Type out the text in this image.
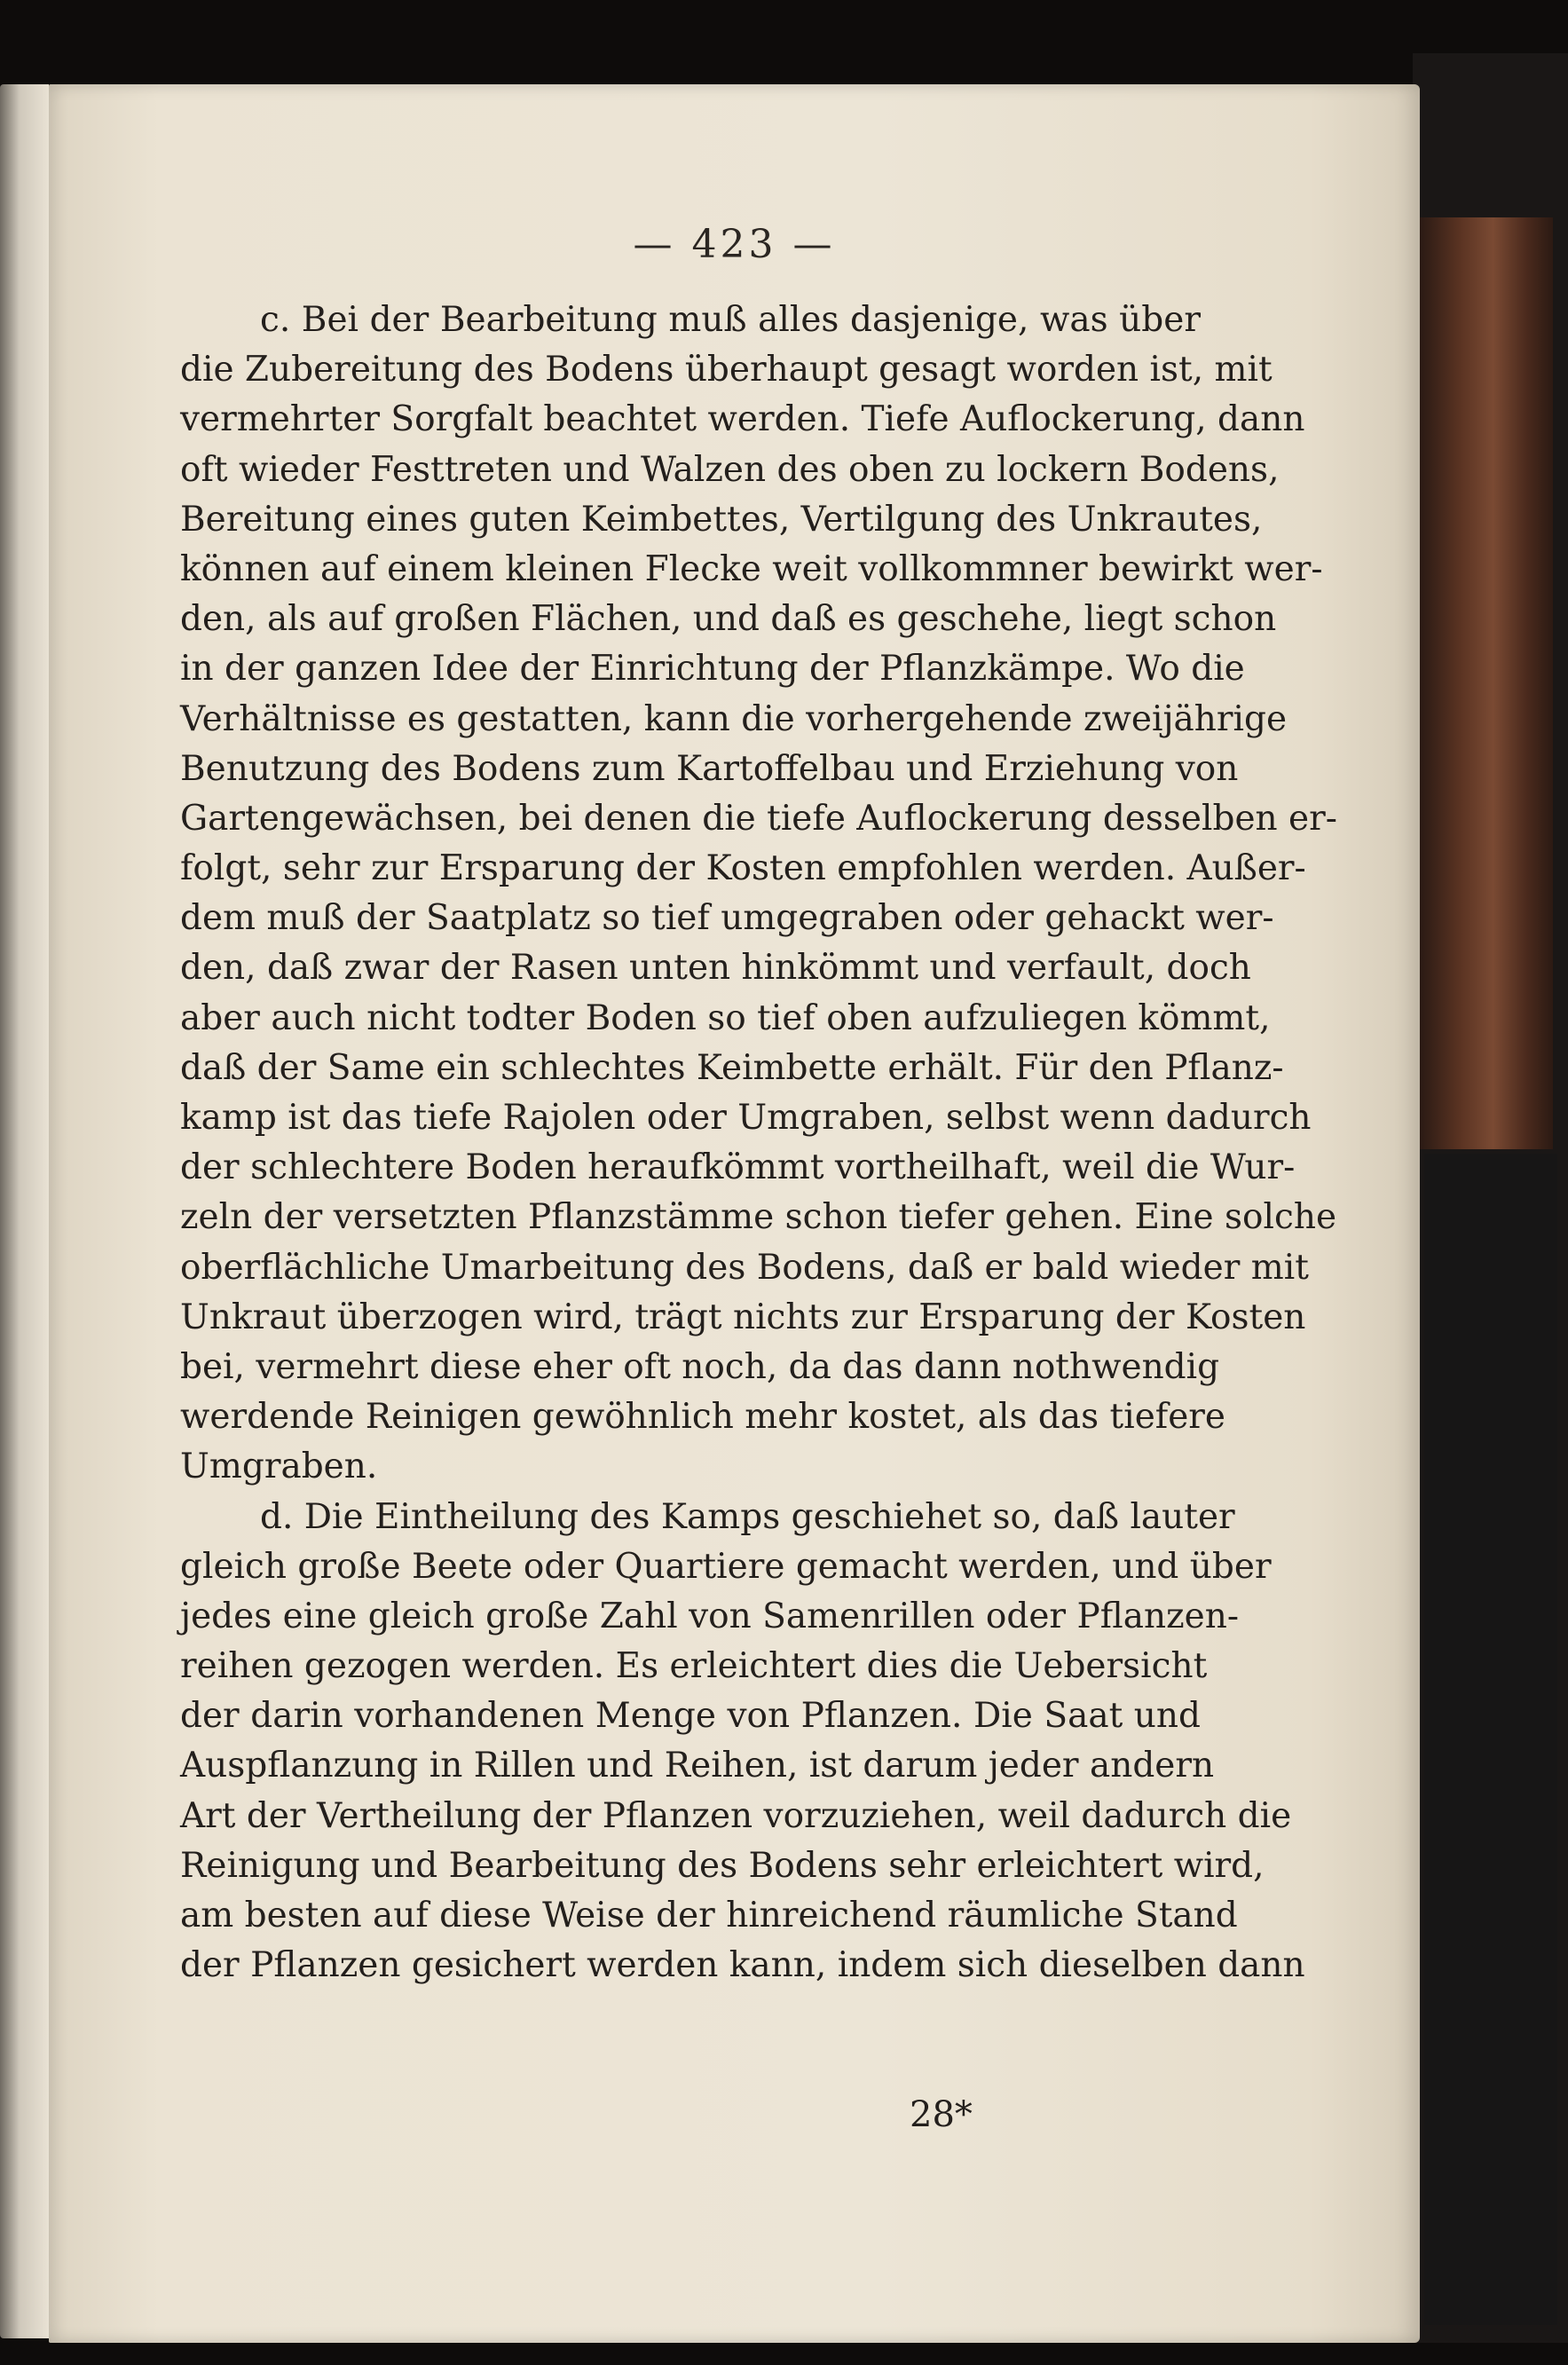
— 423 —
c. Bei der Bearbeitung muß alles dasjenige, was über
die Zubereitung des Bodens überhaupt gesagt worden ist, mit
vermehrter Sorgfalt beachtet werden. Tiefe Auflockerung, dann
oft wieder Festtreten und Walzen des oben zu lockern Bodens,
Bereitung eines guten Keimbettes, Vertilgung des Unkrautes,
können auf einem kleinen Flecke weit vollkommner bewirkt wer-
den, als auf großen Flächen, und daß es geschehe, liegt schon
in der ganzen Idee der Einrichtung der Pflanzkämpe. Wo die
Verhältnisse es gestatten, kann die vorhergehende zweijährige
Benutzung des Bodens zum Kartoffelbau und Erziehung von
Gartengewächsen, bei denen die tiefe Auflockerung desselben er-
folgt, sehr zur Ersparung der Kosten empfohlen werden. Außer-
dem muß der Saatplatz so tief umgegraben oder gehackt wer-
den, daß zwar der Rasen unten hinkömmt und verfault, doch
aber auch nicht todter Boden so tief oben aufzuliegen kömmt,
daß der Same ein schlechtes Keimbette erhält. Für den Pflanz-
kamp ist das tiefe Rajolen oder Umgraben, selbst wenn dadurch
der schlechtere Boden heraufkömmt vortheilhaft, weil die Wur-
zeln der versetzten Pflanzstämme schon tiefer gehen. Eine solche
oberflächliche Umarbeitung des Bodens, daß er bald wieder mit
Unkraut überzogen wird, trägt nichts zur Ersparung der Kosten
bei, vermehrt diese eher oft noch, da das dann nothwendig
werdende Reinigen gewöhnlich mehr kostet, als das tiefere
Umgraben.
d. Die Eintheilung des Kamps geschiehet so, daß lauter
gleich große Beete oder Quartiere gemacht werden, und über
jedes eine gleich große Zahl von Samenrillen oder Pflanzen-
reihen gezogen werden. Es erleichtert dies die Uebersicht
der darin vorhandenen Menge von Pflanzen. Die Saat und
Auspflanzung in Rillen und Reihen, ist darum jeder andern
Art der Vertheilung der Pflanzen vorzuziehen, weil dadurch die
Reinigung und Bearbeitung des Bodens sehr erleichtert wird,
am besten auf diese Weise der hinreichend räumliche Stand
der Pflanzen gesichert werden kann, indem sich dieselben dann
28*
